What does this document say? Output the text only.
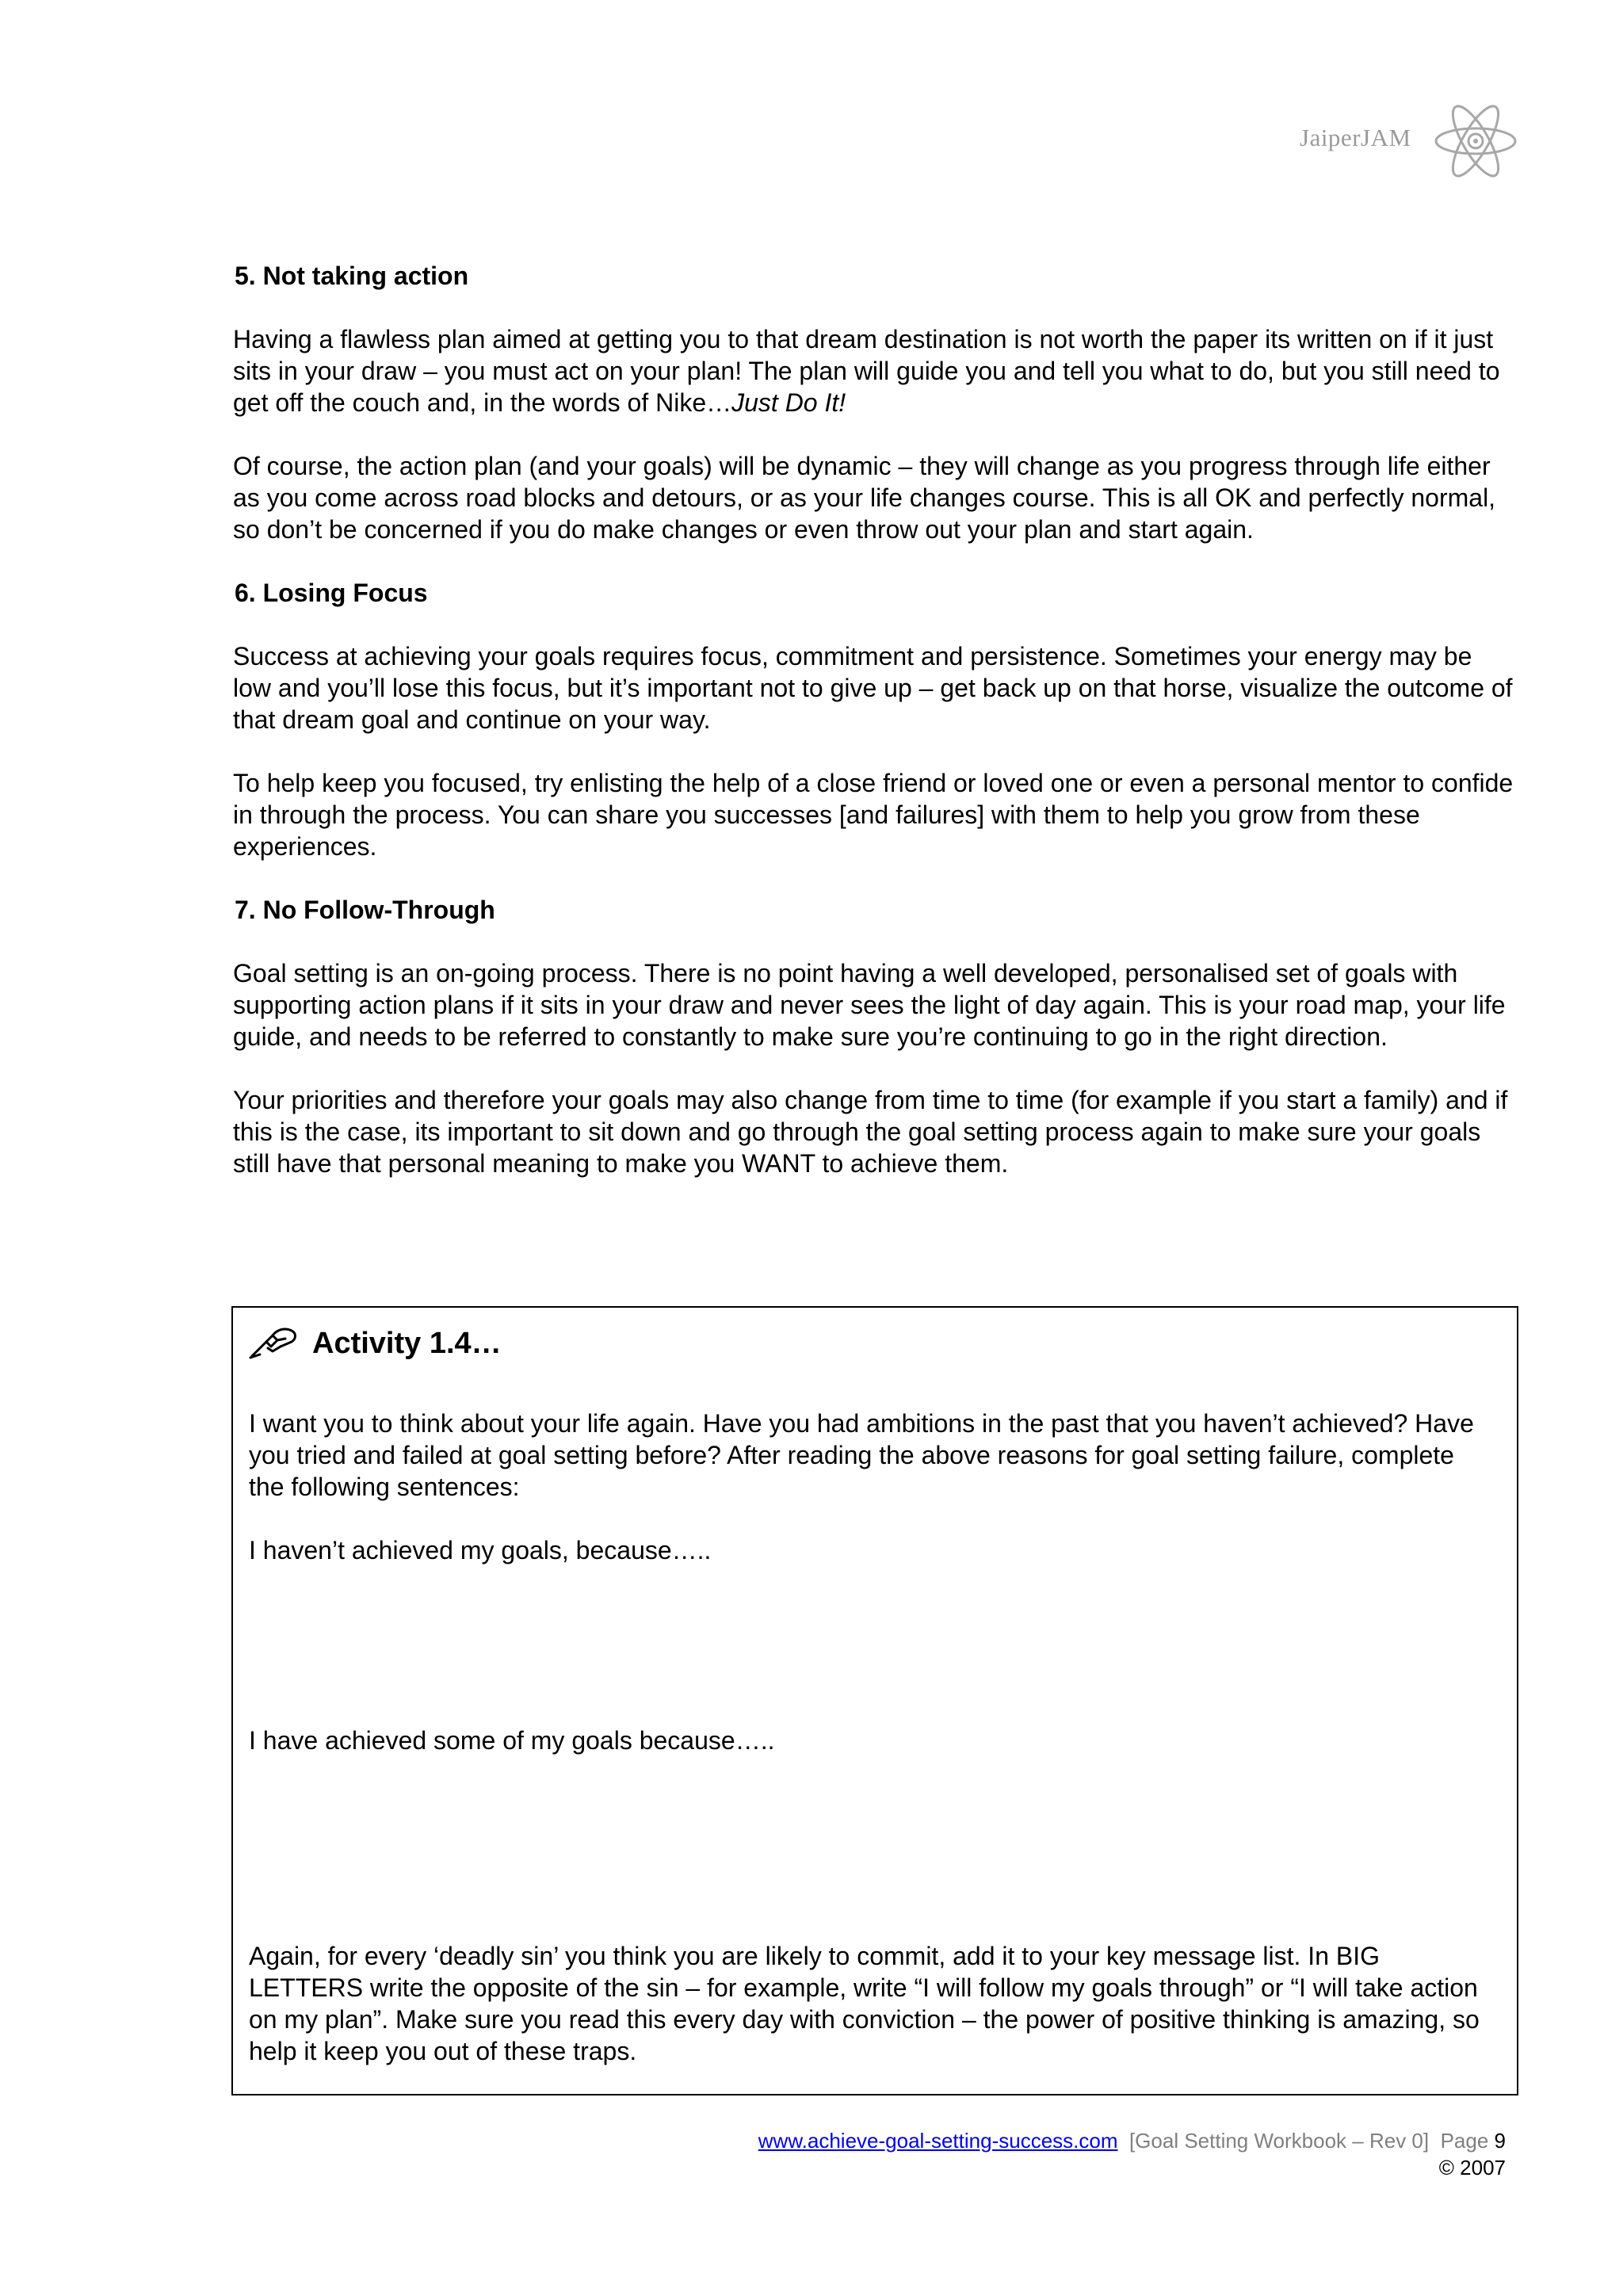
JaiperJAM
5. Not taking action
Having a flawless plan aimed at getting you to that dream destination is not worth the paper its written on if it just sits in your draw – you must act on your plan! The plan will guide you and tell you what to do, but you still need to get off the couch and, in the words of Nike…Just Do It!
Of course, the action plan (and your goals) will be dynamic – they will change as you progress through life either as you come across road blocks and detours, or as your life changes course. This is all OK and perfectly normal, so don’t be concerned if you do make changes or even throw out your plan and start again.
6. Losing Focus
Success at achieving your goals requires focus, commitment and persistence. Sometimes your energy may be low and you’ll lose this focus, but it’s important not to give up – get back up on that horse, visualize the outcome of that dream goal and continue on your way.
To help keep you focused, try enlisting the help of a close friend or loved one or even a personal mentor to confide in through the process. You can share you successes [and failures] with them to help you grow from these experiences.
7. No Follow-Through
Goal setting is an on-going process. There is no point having a well developed, personalised set of goals with supporting action plans if it sits in your draw and never sees the light of day again. This is your road map, your life guide, and needs to be referred to constantly to make sure you’re continuing to go in the right direction.
Your priorities and therefore your goals may also change from time to time (for example if you start a family) and if this is the case, its important to sit down and go through the goal setting process again to make sure your goals still have that personal meaning to make you WANT to achieve them.
Activity 1.4…
I want you to think about your life again. Have you had ambitions in the past that you haven’t achieved? Have you tried and failed at goal setting before? After reading the above reasons for goal setting failure, complete the following sentences:
I haven’t achieved my goals, because…..
I have achieved some of my goals because…..
Again, for every ‘deadly sin’ you think you are likely to commit, add it to your key message list. In BIG LETTERS write the opposite of the sin – for example, write “I will follow my goals through” or “I will take action on my plan”. Make sure you read this every day with conviction – the power of positive thinking is amazing, so help it keep you out of these traps.
www.achieve-goal-setting-success.com [Goal Setting Workbook – Rev 0] Page 9
© 2007
